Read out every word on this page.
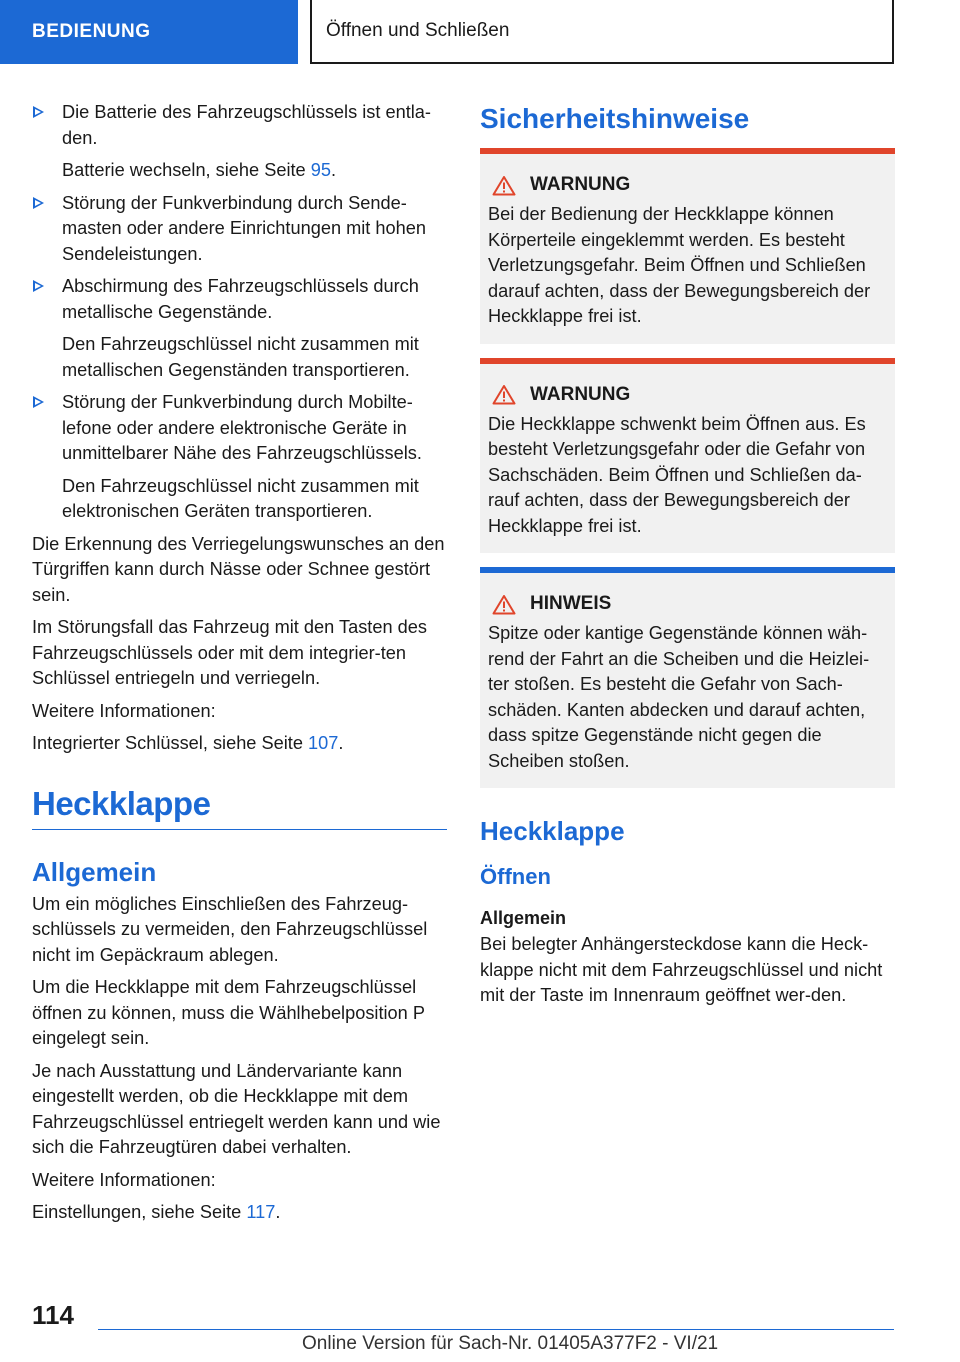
BEDIENUNG	Öffnen und Schließen

Die Batterie des Fahrzeugschlüssels ist entla-den.

Batterie wechseln, siehe Seite 95.

Störung der Funkverbindung durch Sende-masten oder andere Einrichtungen mit hohen Sendeleistungen.

Abschirmung des Fahrzeugschlüssels durch metallische Gegenstände.

Den Fahrzeugschlüssel nicht zusammen mit metallischen Gegenständen transportieren.

Störung der Funkverbindung durch Mobilte-lefone oder andere elektronische Geräte in unmittelbarer Nähe des Fahrzeugschlüssels.

Den Fahrzeugschlüssel nicht zusammen mit elektronischen Geräten transportieren.

Die Erkennung des Verriegelungswunsches an den Türgriffen kann durch Nässe oder Schnee gestört sein.

Im Störungsfall das Fahrzeug mit den Tasten des Fahrzeugschlüssels oder mit dem integrier-ten Schlüssel entriegeln und verriegeln.

Weitere Informationen:

Integrierter Schlüssel, siehe Seite 107.

Heckklappe
Allgemein

Um ein mögliches Einschließen des Fahrzeug-schlüssels zu vermeiden, den Fahrzeugschlüssel nicht im Gepäckraum ablegen.

Um die Heckklappe mit dem Fahrzeugschlüssel öffnen zu können, muss die Wählhebelposition P eingelegt sein.

Je nach Ausstattung und Ländervariante kann eingestellt werden, ob die Heckklappe mit dem Fahrzeugschlüssel entriegelt werden kann und wie sich die Fahrzeugtüren dabei verhalten.

Weitere Informationen:

Einstellungen, siehe Seite 117.

Sicherheitshinweise
WARNUNG

Bei der Bedienung der Heckklappe können Körperteile eingeklemmt werden. Es besteht Verletzungsgefahr. Beim Öffnen und Schließen darauf achten, dass der Bewegungsbereich der Heckklappe frei ist.

WARNUNG

Die Heckklappe schwenkt beim Öffnen aus. Es besteht Verletzungsgefahr oder die Gefahr von Sachschäden. Beim Öffnen und Schließen da-rauf achten, dass der Bewegungsbereich der Heckklappe frei ist.

HINWEIS

Spitze oder kantige Gegenstände können wäh-rend der Fahrt an die Scheiben und die Heizlei-ter stoßen. Es besteht die Gefahr von Sach-schäden. Kanten abdecken und darauf achten, dass spitze Gegenstände nicht gegen die Scheiben stoßen.

Heckklappe
Öffnen
Allgemein

Bei belegter Anhängersteckdose kann die Heck-klappe nicht mit dem Fahrzeugschlüssel und nicht mit der Taste im Innenraum geöffnet wer-den.

114
Online Version für Sach-Nr. 01405A377F2 - VI/21
